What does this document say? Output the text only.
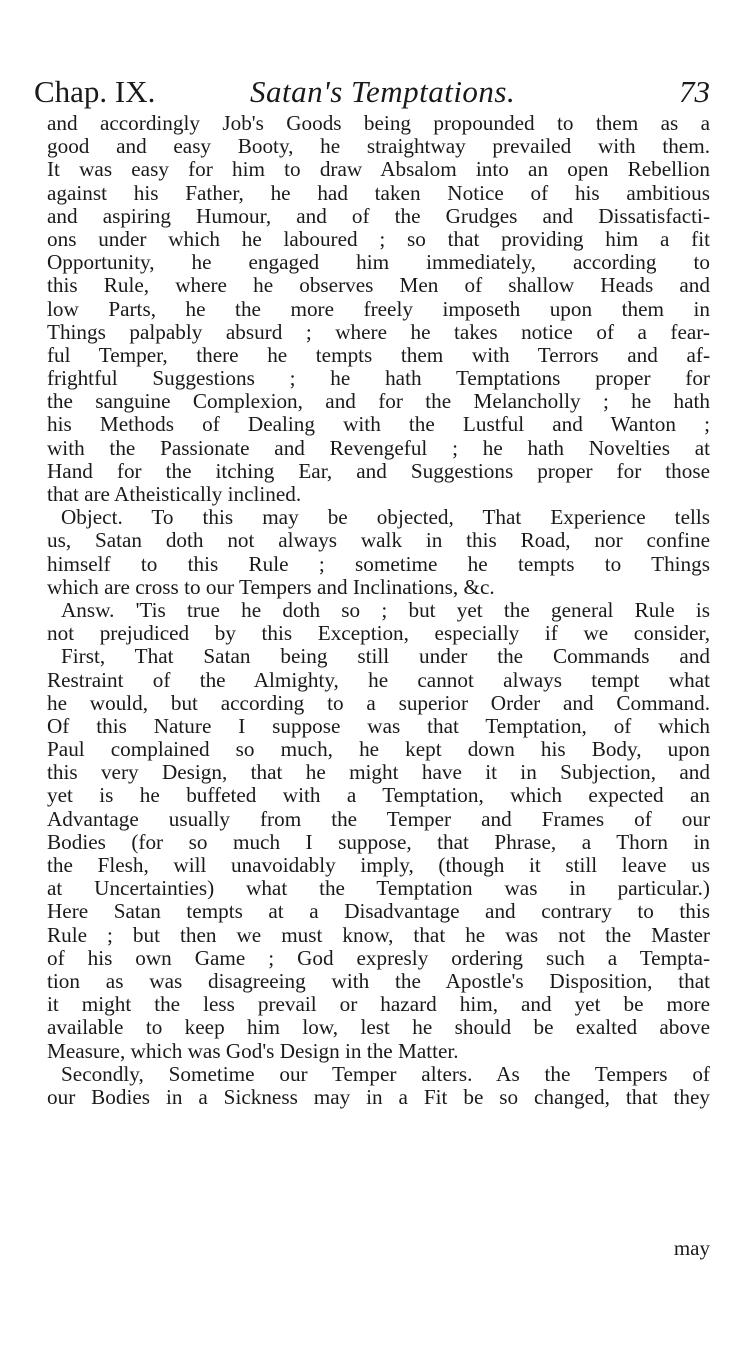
Chap. IX.	Satan's Temptations.	73
and accordingly Job's Goods being propounded to them as a
good and easy Booty, he straightway prevailed with them.
It was easy for him to draw Absalom into an open Rebellion
against his Father, he had taken Notice of his ambitious
and aspiring Humour, and of the Grudges and Dissatisfacti-
ons under which he laboured ; so that providing him a fit
Opportunity, he engaged him immediately, according to
this Rule, where he observes Men of shallow Heads and
low Parts, he the more freely imposeth upon them in
Things palpably absurd ; where he takes notice of a fear-
ful Temper, there he tempts them with Terrors and af-
frightful Suggestions ; he hath Temptations proper for
the sanguine Complexion, and for the Melancholly ; he hath
his Methods of Dealing with the Lustful and Wanton ;
with the Passionate and Revengeful ; he hath Novelties at
Hand for the itching Ear, and Suggestions proper for those
that are Atheistically inclined.
Object. To this may be objected, That Experience tells
us, Satan doth not always walk in this Road, nor confine
himself to this Rule ; sometime he tempts to Things
which are cross to our Tempers and Inclinations, &c.
Answ. 'Tis true he doth so ; but yet the general Rule is
not prejudiced by this Exception, especially if we consider,
First, That Satan being still under the Commands and
Restraint of the Almighty, he cannot always tempt what
he would, but according to a superior Order and Command.
Of this Nature I suppose was that Temptation, of which
Paul complained so much, he kept down his Body, upon
this very Design, that he might have it in Subjection, and
yet is he buffeted with a Temptation, which expected an
Advantage usually from the Temper and Frames of our
Bodies (for so much I suppose, that Phrase, a Thorn in
the Flesh, will unavoidably imply, (though it still leave us
at Uncertainties) what the Temptation was in particular.)
Here Satan tempts at a Disadvantage and contrary to this
Rule ; but then we must know, that he was not the Master
of his own Game ; God expresly ordering such a Tempta-
tion as was disagreeing with the Apostle's Disposition, that
it might the less prevail or hazard him, and yet be more
available to keep him low, lest he should be exalted above
Measure, which was God's Design in the Matter.
Secondly, Sometime our Temper alters. As the Tempers of
our Bodies in a Sickness may in a Fit be so changed, that they
may
